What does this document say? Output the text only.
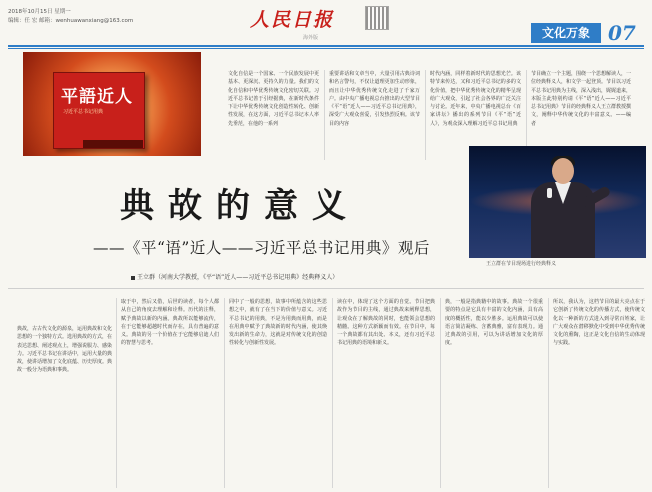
2018年10月15日 星期一
编辑：任 宏 邮箱：wenhuawanxiang@163.com	人民日报
海外版	文化万象 07
平語近人
习近平总书记用典
文化自信是一个国家、一个民族发展中更基本、更深沉、更持久的力量。我们的文化自信和中华优秀传统文化密切关联。习近平总书记善于引经据典，在新时代条件下让中华优秀传统文化创造性转化、创新性发展，在这方面，习近平总书记本人率先垂范，在他的一系列
重要讲话和文章当中，大量引用古典诗词和名言警句，不仅让道理更加生动形象，而且让中华优秀传统文化走进了千家万户。由中央广播电视总台推出的大型节目《平“语”近人——习近平总书记用典》，深受广大观众喜爱，引发热烈反响。该节目的内容
时代内涵，同样着新时代的思想光芒。该特节来传达，又和习近平总书记的多的文化价值，把中华优秀传统文化的精华呈现给广大观众，引起了社会各界的广泛关注与讨论。近年来，中央广播电视总台《百家讲坛》播出的系列节目《平“语”近人》，为观众深入理解习近平总书记用典
节目确立一个主题，围绕一个思想解读人，一位经典释义人，和文学一起登顶。节目以习近平总书记用典为主线，深入浅出，娓娓道来，本版主此特别约请《平“语”近人——习近平总书记用典》节目的经典释义人王立群教授撰文，阐释中华传统文化的丰富意义。——编 者
典故的意义
——《平“语”近人——习近平总书记用典》观后
王立群（河南大学教授，《平“语”近人——习近平总书记用典》经典释义人）
王立群在节目现场进行经典释义
典故，古古代文化的源泉，运用典故和文化思想的一个独特方式。选用典故的方式，在表达思想、阐述观点上，增强说服力、感染力。习近平总书记在讲话中，运用大量的典故，使讲话增加了文化底蕴、历史厚度。典故一般分为语典和事典。
取于中，然后又借，后世的读者，每个人都从自己的角度去理解和诠释。历代的注释，赋予典故以新的内涵。典故所以能够流传，在于它能够超越时代而存在，具有普遍的意义。典故的另一个价值在于它能够启迪人们的智慧与思考。
同中了一般的思想，故事中所蕴含的这些思想之中，就有了在当下的价值与意义。习近平总书记的用典，不是为用典而用典，而是在用典中赋予了典故新的时代内涵，使其焕发出新的生命力，这就是对传统文化的创造性转化与创新性发展。
读在中，体现了这个方面的自觉。节目把典故作为节目的主线，通过典故来阐释思想，让观众在了解典故的同时，也能领会思想的精髓。这种方式新颖而有效。在节目中，每一个典故都有其出处、本义，还有习近平总书记用典的语境和新义。
典，一般是指典籍中的故事。典故一个很重要的特点是它具有丰富的文化内涵，具有高度的概括性，能以少胜多。运用典故可以使语言简洁凝练、含蓄典雅，富有表现力。通过典故的引用，可以为讲话增加文化的厚度。
所以，我认为，这档节目的最大亮点在于它创新了传统文化的传播方式，使传统文化以一种新的方式进入到寻常百姓家，让广大观众在潜移默化中受到中华优秀传统文化的熏陶，这正是文化自信的生动体现与实践。
